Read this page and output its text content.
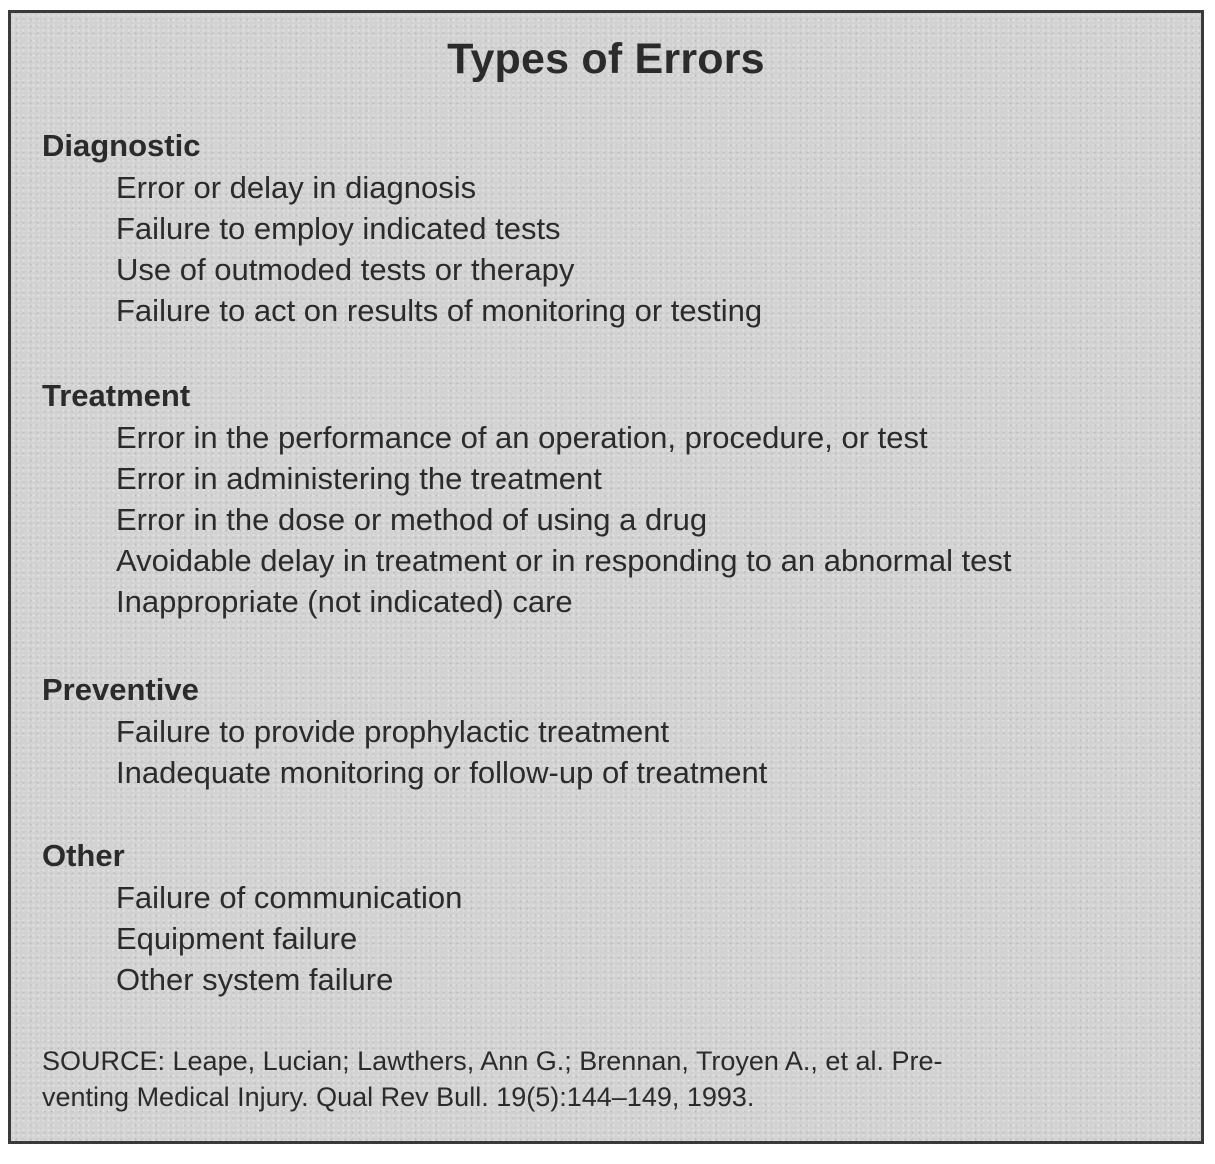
Types of Errors
Diagnostic
Error or delay in diagnosis
Failure to employ indicated tests
Use of outmoded tests or therapy
Failure to act on results of monitoring or testing
Treatment
Error in the performance of an operation, procedure, or test
Error in administering the treatment
Error in the dose or method of using a drug
Avoidable delay in treatment or in responding to an abnormal test
Inappropriate (not indicated) care
Preventive
Failure to provide prophylactic treatment
Inadequate monitoring or follow-up of treatment
Other
Failure of communication
Equipment failure
Other system failure
SOURCE: Leape, Lucian; Lawthers, Ann G.; Brennan, Troyen A., et al. Pre-
venting Medical Injury. Qual Rev Bull. 19(5):144–149, 1993.
